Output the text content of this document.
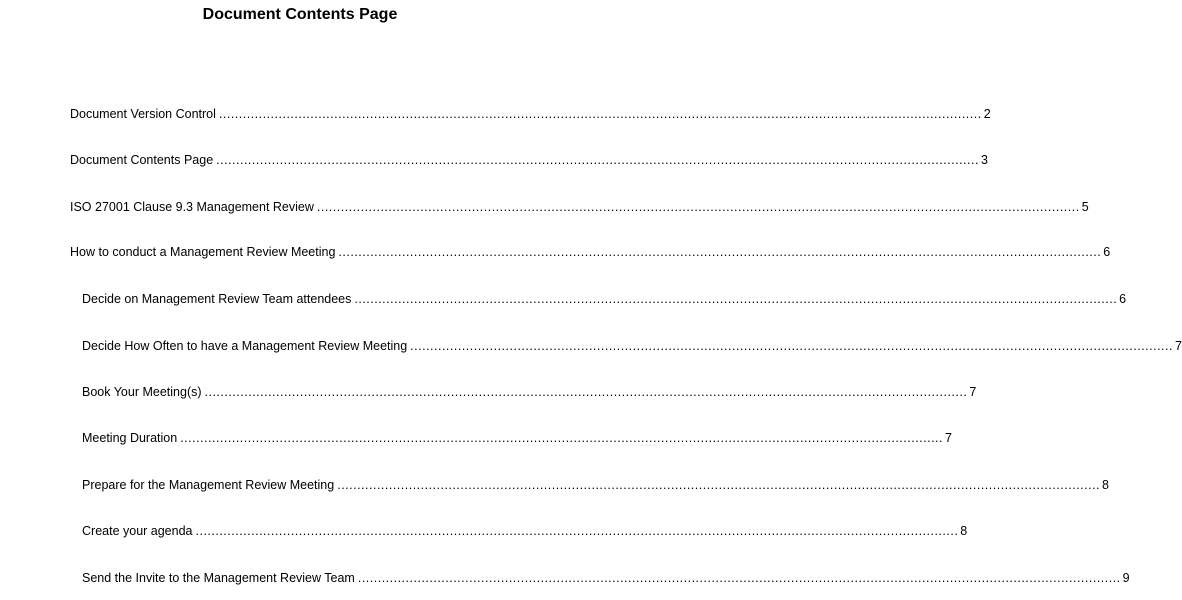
Document Contents Page
Document Version Control ................................................................................................................................................................................................ 2
Document Contents Page ................................................................................................................................................................................................ 3
ISO 27001 Clause 9.3 Management Review ................................................................................................................................................................................................ 5
How to conduct a Management Review Meeting ................................................................................................................................................................................................ 6
Decide on Management Review Team attendees ................................................................................................................................................................................................ 6
Decide How Often to have a Management Review Meeting ................................................................................................................................................................................................ 7
Book Your Meeting(s) ................................................................................................................................................................................................ 7
Meeting Duration ................................................................................................................................................................................................ 7
Prepare for the Management Review Meeting ................................................................................................................................................................................................ 8
Create your agenda ................................................................................................................................................................................................ 8
Send the Invite to the Management Review Team ................................................................................................................................................................................................ 9
